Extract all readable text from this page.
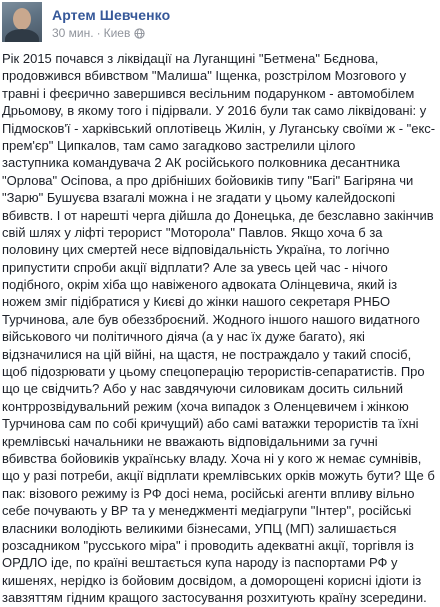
Артем Шевченко
30 мин. · Киев
Рік 2015 почався з ліквідації на Луганщині "Бетмена" Бєднова,
продовжився вбивством "Малиша" Іщенка, розстрілом Мозгового у
травні і феєрично завершився весільним подарунком - автомобілем
Дрьомову, в якому того і підірвали. У 2016 були так само ліквідовані: у
Підмосков'ї - харківський оплотівець Жилін, у Луганську своїми ж - "екс-
прем'єр" Ципкалов, там само загадково застрелили цілого
заступника командувача 2 АК російського полковника десантника
"Орлова" Осіпова, а про дрібніших бойовиків типу "Багі" Багіряна чи
"Зарю" Бушуєва взагалі можна і не згадати у цьому калейдоскопі
вбивств. І от нарешті черга дійшла до Донецька, де безславно закінчив
свій шлях у ліфті терорист "Моторола" Павлов. Якщо хоча б за
половину цих смертей несе відповідальність Україна, то логічно
припустити спроби акції відплати? Але за увесь цей час - нічого
подібного, окрім хіба що навіженого адвоката Олінцевича, який із
ножем зміг підібратися у Києві до жінки нашого секретаря РНБО
Турчинова, але був обеззброєний. Жодного іншого нашого видатного
військового чи політичного діяча (а у нас їх дуже багато), які
відзначилися на цій війні, на щастя, не постраждало у такий спосіб,
щоб підозрювати у цьому спецоперацію терористів-сепаратистів. Про
що це свідчить? Або у нас завдячуючи силовикам досить сильний
контррозвідувальний режим (хоча випадок з Оленцевичем і жінкою
Турчинова сам по собі кричущий) або самі ватажки терористів та їхні
кремлівські начальники не вважають відповідальними за гучні
вбивства бойовиків українську владу. Хоча ні у кого ж немає сумнівів,
що у разі потреби, акції відплати кремлівських орків можуть бути? Ще б
пак: візового режиму із РФ досі нема, російські агенти впливу вільно
себе почувають у ВР та у менеджменті медіагрупи "Інтер", російські
власники володіють великими бізнесами, УПЦ (МП) залишається
розсадником "русського міра" і проводить адекватні акції, торгівля із
ОРДЛО іде, по країні вештається купа народу із паспортами РФ у
кишенях, нерідко із бойовим досвідом, а доморощені корисні ідіоти із
завзяттям гідним кращого застосування розхитують країну зсередини.
